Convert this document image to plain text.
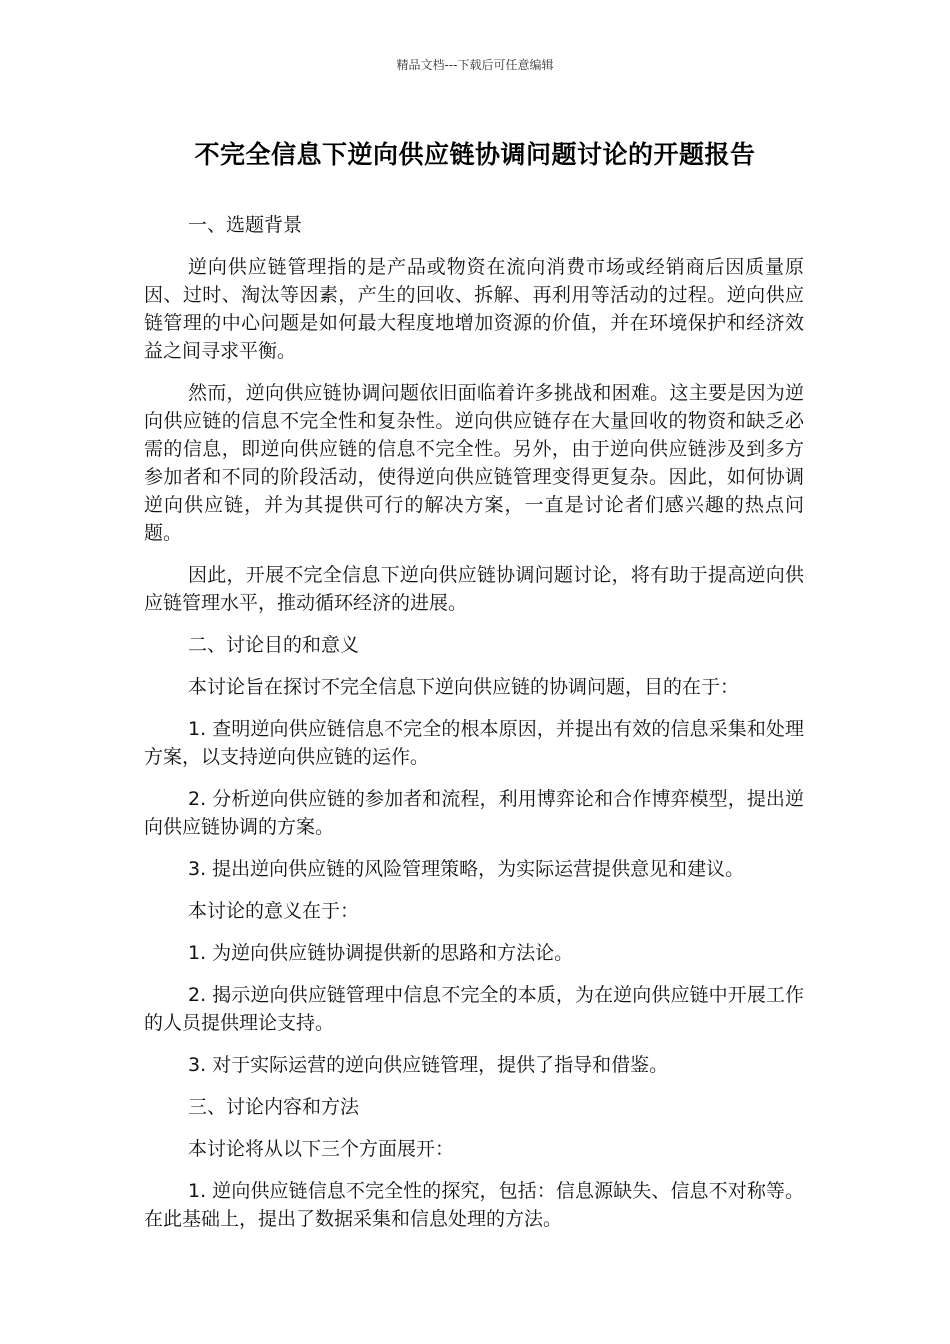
精品文档---下载后可任意编辑
不完全信息下逆向供应链协调问题讨论的开题报告

一、选题背景

逆向供应链管理指的是产品或物资在流向消费市场或经销商后因质量原因、过时、淘汰等因素，产生的回收、拆解、再利用等活动的过程。逆向供应链管理的中心问题是如何最大程度地增加资源的价值，并在环境保护和经济效益之间寻求平衡。

然而，逆向供应链协调问题依旧面临着许多挑战和困难。这主要是因为逆向供应链的信息不完全性和复杂性。逆向供应链存在大量回收的物资和缺乏必需的信息，即逆向供应链的信息不完全性。另外，由于逆向供应链涉及到多方参加者和不同的阶段活动，使得逆向供应链管理变得更复杂。因此，如何协调逆向供应链，并为其提供可行的解决方案，一直是讨论者们感兴趣的热点问题。

因此，开展不完全信息下逆向供应链协调问题讨论，将有助于提高逆向供应链管理水平，推动循环经济的进展。

二、讨论目的和意义

本讨论旨在探讨不完全信息下逆向供应链的协调问题，目的在于：

1. 查明逆向供应链信息不完全的根本原因，并提出有效的信息采集和处理方案，以支持逆向供应链的运作。

2. 分析逆向供应链的参加者和流程，利用博弈论和合作博弈模型，提出逆向供应链协调的方案。

3. 提出逆向供应链的风险管理策略，为实际运营提供意见和建议。

本讨论的意义在于：

1. 为逆向供应链协调提供新的思路和方法论。

2. 揭示逆向供应链管理中信息不完全的本质，为在逆向供应链中开展工作的人员提供理论支持。

3. 对于实际运营的逆向供应链管理，提供了指导和借鉴。

三、讨论内容和方法

本讨论将从以下三个方面展开：

1. 逆向供应链信息不完全性的探究，包括：信息源缺失、信息不对称等。在此基础上，提出了数据采集和信息处理的方法。
